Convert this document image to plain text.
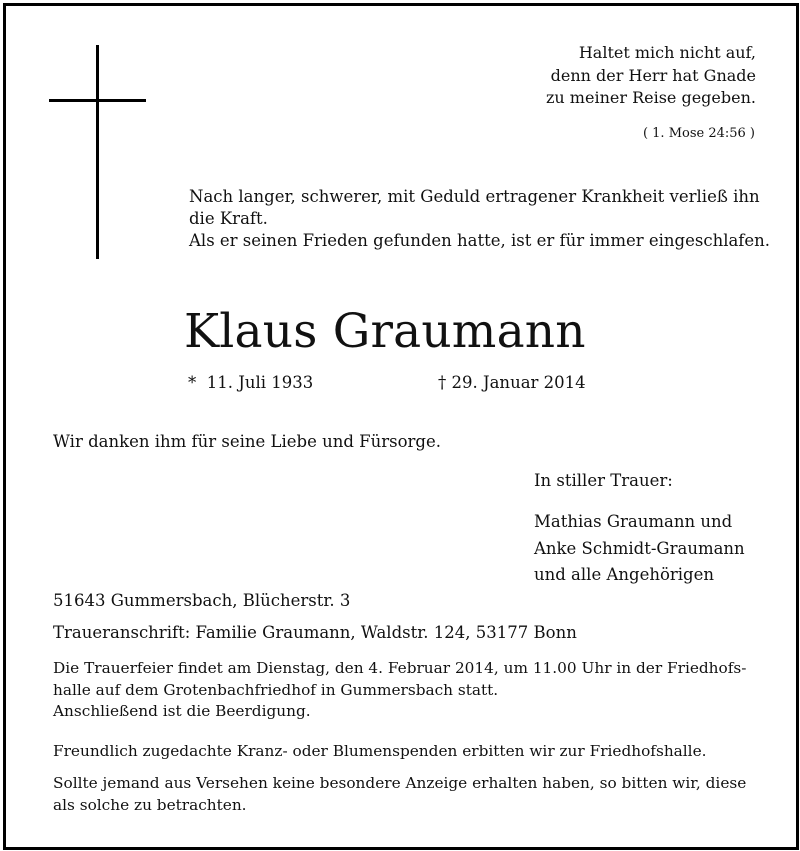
Haltet mich nicht auf,
denn der Herr hat Gnade
zu meiner Reise gegeben.
( 1. Mose 24:56 )
Nach langer, schwerer, mit Geduld ertragener Krankheit verließ ihn
die Kraft.
Als er seinen Frieden gefunden hatte, ist er für immer eingeschlafen.
Klaus Graumann
* 11. Juli 1933	† 29. Januar 2014
Wir danken ihm für seine Liebe und Fürsorge.
In stiller Trauer:
Mathias Graumann und
Anke Schmidt-Graumann
und alle Angehörigen
51643 Gummersbach, Blücherstr. 3
Traueranschrift: Familie Graumann, Waldstr. 124, 53177 Bonn
Die Trauerfeier findet am Dienstag, den 4. Februar 2014, um 11.00 Uhr in der Friedhofs-
halle auf dem Grotenbachfriedhof in Gummersbach statt.
Anschließend ist die Beerdigung.
Freundlich zugedachte Kranz- oder Blumenspenden erbitten wir zur Friedhofshalle.
Sollte jemand aus Versehen keine besondere Anzeige erhalten haben, so bitten wir, diese
als solche zu betrachten.
